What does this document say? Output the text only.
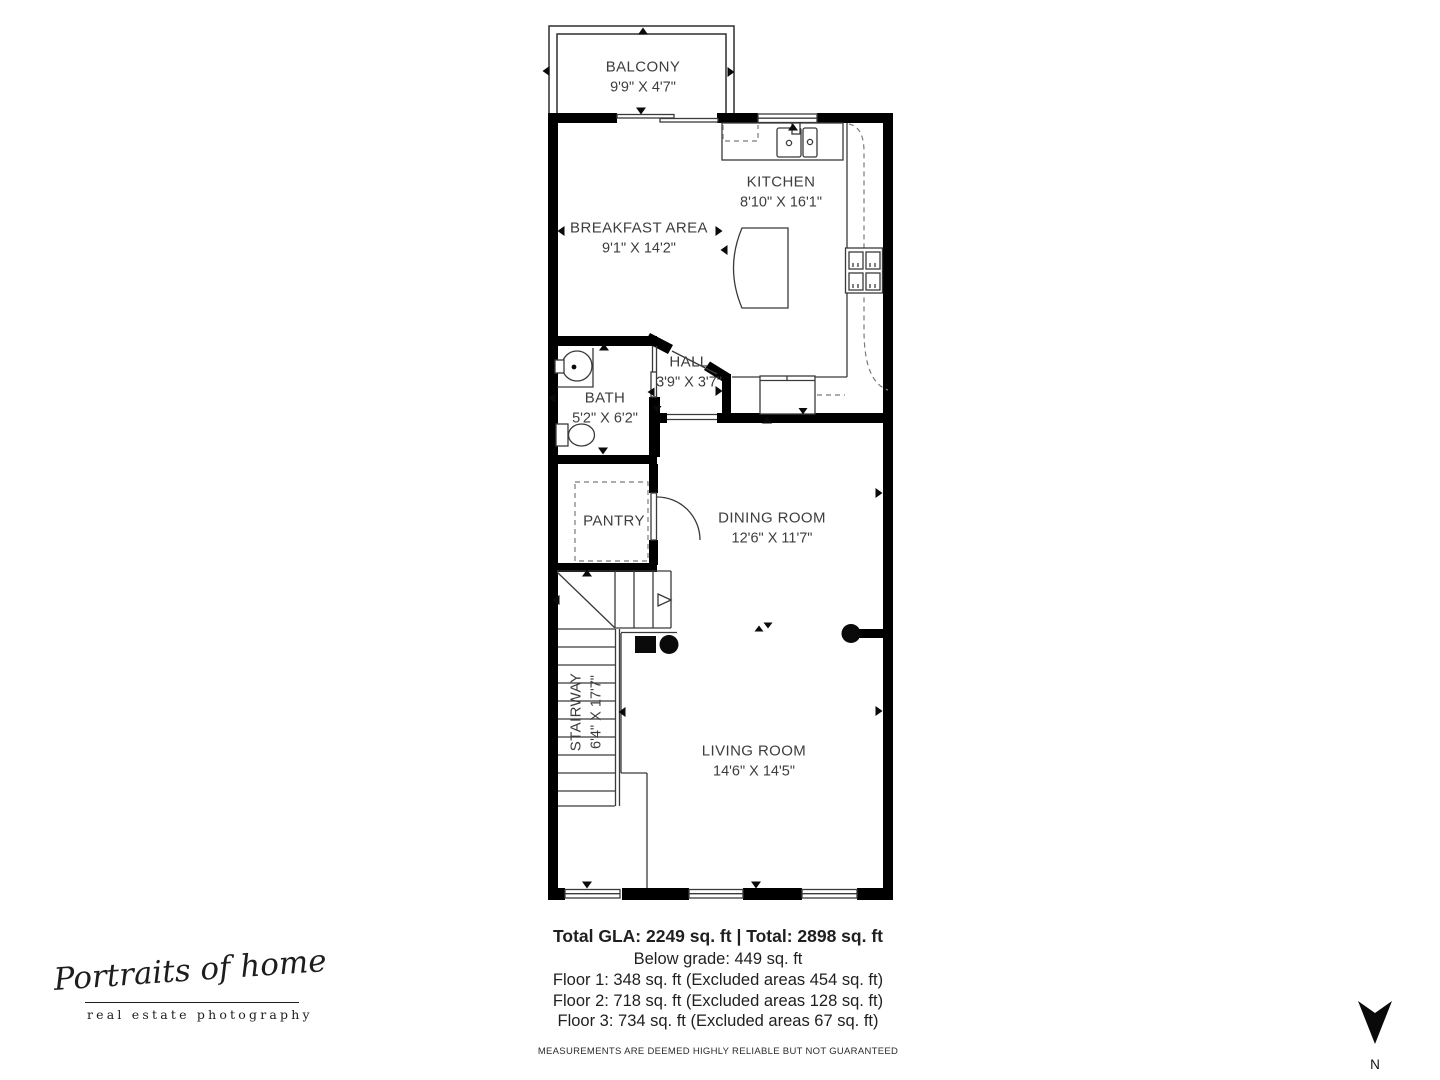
BALCONY
9'9" X 4'7"
KITCHEN
8'10" X 16'1"
BREAKFAST AREA
9'1" X 14'2"
HALL
3'9" X 3'7"
BATH
5'2" X 6'2"
PANTRY	DINING ROOM
12'6" X 11'7"
STAIRWAY 6'4" X 17'7"
LIVING ROOM
14'6" X 14'5"
Total GLA: 2249 sq. ft | Total: 2898 sq. ft
Below grade: 449 sq. ft
Floor 1: 348 sq. ft (Excluded areas 454 sq. ft)
Floor 2: 718 sq. ft (Excluded areas 128 sq. ft)
Floor 3: 734 sq. ft (Excluded areas 67 sq. ft)
MEASUREMENTS ARE DEEMED HIGHLY RELIABLE BUT NOT GUARANTEED
Portraits of home
real estate photography
N
